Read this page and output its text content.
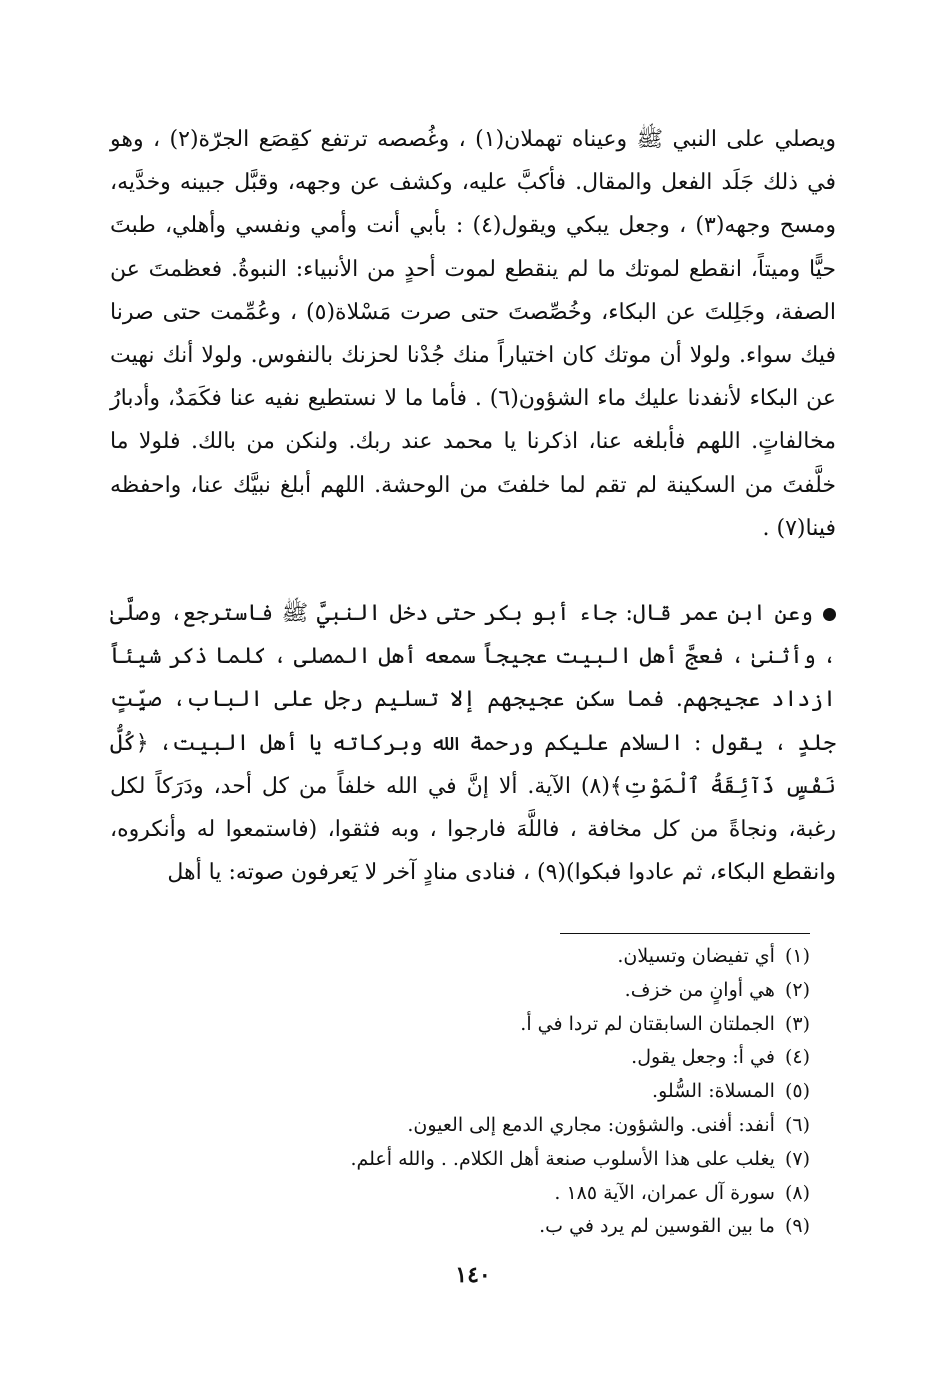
ويصلي على النبي ﷺ وعيناه تهملان(١) ، وغُصصه ترتفع كقِصَع الجرّة(٢) ، وهو في ذلك جَلَد الفعل والمقال. فأكبَّ عليه، وكشف عن وجهه، وقبَّل جبينه وخدَّيه، ومسح وجهه(٣) ، وجعل يبكي ويقول(٤) : بأبي أنت وأمي ونفسي وأهلي، طبتَ حيًّا وميتاً، انقطع لموتك ما لم ينقطع لموت أحدٍ من الأنبياء: النبوةُ. فعظمتَ عن الصفة، وجَلِلتَ عن البكاء، وخُصِّصتَ حتى صرت مَسْلاة(٥) ، وعُمِّمت حتى صرنا فيك سواء. ولولا أن موتك كان اختياراً منك جُدْنا لحزنك بالنفوس. ولولا أنك نهيت عن البكاء لأنفدنا عليك ماء الشؤون(٦) . فأما ما لا نستطيع نفيه عنا فكَمَدٌ، وأدبارُ مخالفاتٍ. اللهم فأبلغه عنا، اذكرنا يا محمد عند ربك. ولنكن من بالك. فلولا ما خلَّفتَ من السكينة لم تقم لما خلفتَ من الوحشة. اللهم أبلغ نبيَّك عنا، واحفظه فينا(٧) .

وعن ابن عمر قال: جاء أبو بكر حتى دخل النبيَّ ﷺ فاسترجع، وصلَّىٰ ، وأثنىٰ ، فعجَّ أهل البيت عجيجاً سمعه أهل المصلى ، كلما ذكر شيئاً ازداد عجيجهم. فما سكن عجيجهم إلا تسليم رجل على الباب، صيِّتٍ جلدٍ ، يقول : السلام عليكم ورحمة الله وبركاته يا أهل البيت، ﴿كُلُّ نَفْسٍ ذَآئِقَةُ ٱلْمَوْتِ﴾(٨) الآية. ألا إنَّ في الله خلفاً من كل أحد، ودَرَكاً لكل رغبة، ونجاةً من كل مخافة ، فاللَّهَ فارجوا ، وبه فثقوا، (فاستمعوا له وأنكروه، وانقطع البكاء، ثم عادوا فبكوا)(٩) ، فنادى منادٍ آخر لا يَعرفون صوته: يا أهل

(١)أي تفيضان وتسيلان.
(٢)هي أوانٍ من خزف.
(٣)الجملتان السابقتان لم تردا في أ.
(٤)في أ: وجعل يقول.
(٥)المسلاة: السُّلو.
(٦)أنفد: أفنى. والشؤون: مجاري الدمع إلى العيون.
(٧)يغلب على هذا الأسلوب صنعة أهل الكلام. . والله أعلم.
(٨)سورة آل عمران، الآية ١٨٥ .
(٩)ما بين القوسين لم يرد في ب.
١٤٠
